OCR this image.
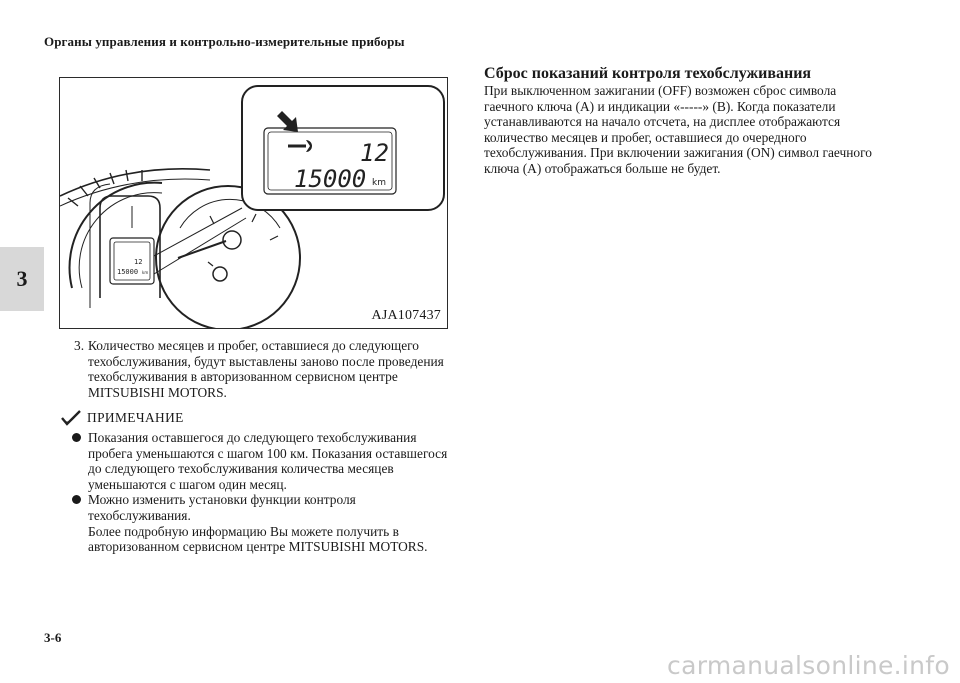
Органы управления и контрольно-измерительные приборы
3
12
15000 km
12
15000 km
AJA107437
3. Количество месяцев и пробег, оставшиеся до следующего техобслуживания, будут выставлены заново после проведения техобслуживания в авторизованном сервисном центре MITSUBISHI MOTORS.
ПРИМЕЧАНИЕ
Показания оставшегося до следующего техобслуживания пробега уменьшаются с шагом 100 км. Показания оставшегося до следующего техобслуживания количества месяцев уменьшаются с шагом один месяц.
Можно изменить установки функции контроля техобслуживания.
Более подробную информацию Вы можете получить в авторизованном сервисном центре MITSUBISHI MOTORS.
Сброс показаний контроля техобслуживания

При выключенном зажигании (OFF) возможен сброс символа гаечного ключа (A) и индикации «-----» (B). Когда показатели устанавливаются на начало отсчета, на дисплее отображаются количество месяцев и пробег, оставшиеся до очередного техобслуживания. При включении зажигания (ON) символ гаечного ключа (A) отображаться больше не будет.

3-6
carmanualsonline.info
